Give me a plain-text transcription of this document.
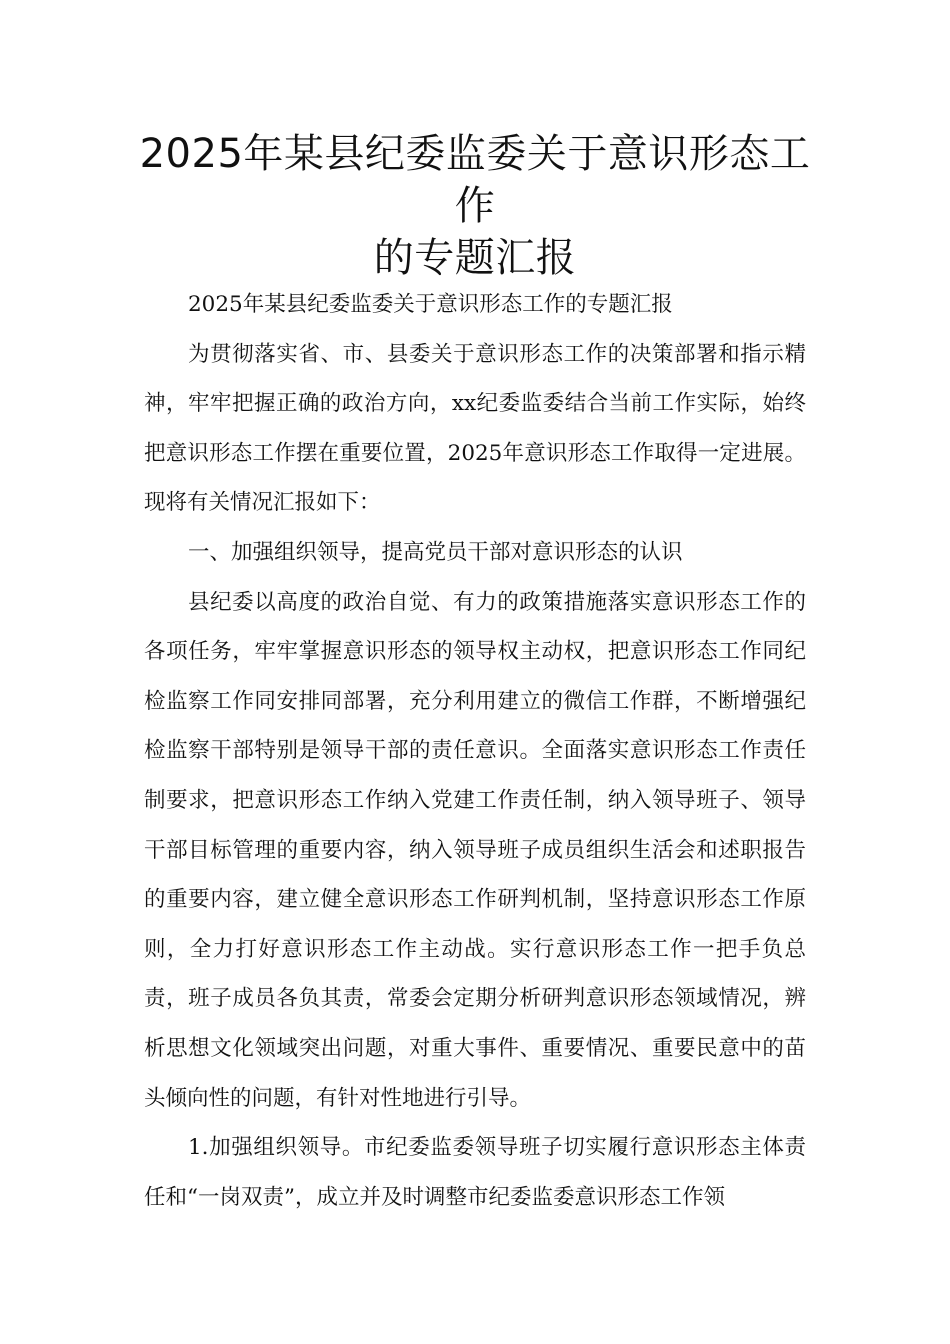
2025年某县纪委监委关于意识形态工作
的专题汇报

2025年某县纪委监委关于意识形态工作的专题汇报

为贯彻落实省、市、县委关于意识形态工作的决策部署和指示精神，牢牢把握正确的政治方向，xx纪委监委结合当前工作实际，始终把意识形态工作摆在重要位置，2025年意识形态工作取得一定进展。现将有关情况汇报如下：

一、加强组织领导，提高党员干部对意识形态的认识

县纪委以高度的政治自觉、有力的政策措施落实意识形态工作的各项任务，牢牢掌握意识形态的领导权主动权，把意识形态工作同纪检监察工作同安排同部署，充分利用建立的微信工作群，不断增强纪检监察干部特别是领导干部的责任意识。全面落实意识形态工作责任制要求，把意识形态工作纳入党建工作责任制，纳入领导班子、领导干部目标管理的重要内容，纳入领导班子成员组织生活会和述职报告的重要内容，建立健全意识形态工作研判机制，坚持意识形态工作原则，全力打好意识形态工作主动战。实行意识形态工作一把手负总责，班子成员各负其责，常委会定期分析研判意识形态领域情况，辨析思想文化领域突出问题，对重大事件、重要情况、重要民意中的苗头倾向性的问题，有针对性地进行引导。

1.加强组织领导。市纪委监委领导班子切实履行意识形态主体责任和“一岗双责”，成立并及时调整市纪委监委意识形态工作领
